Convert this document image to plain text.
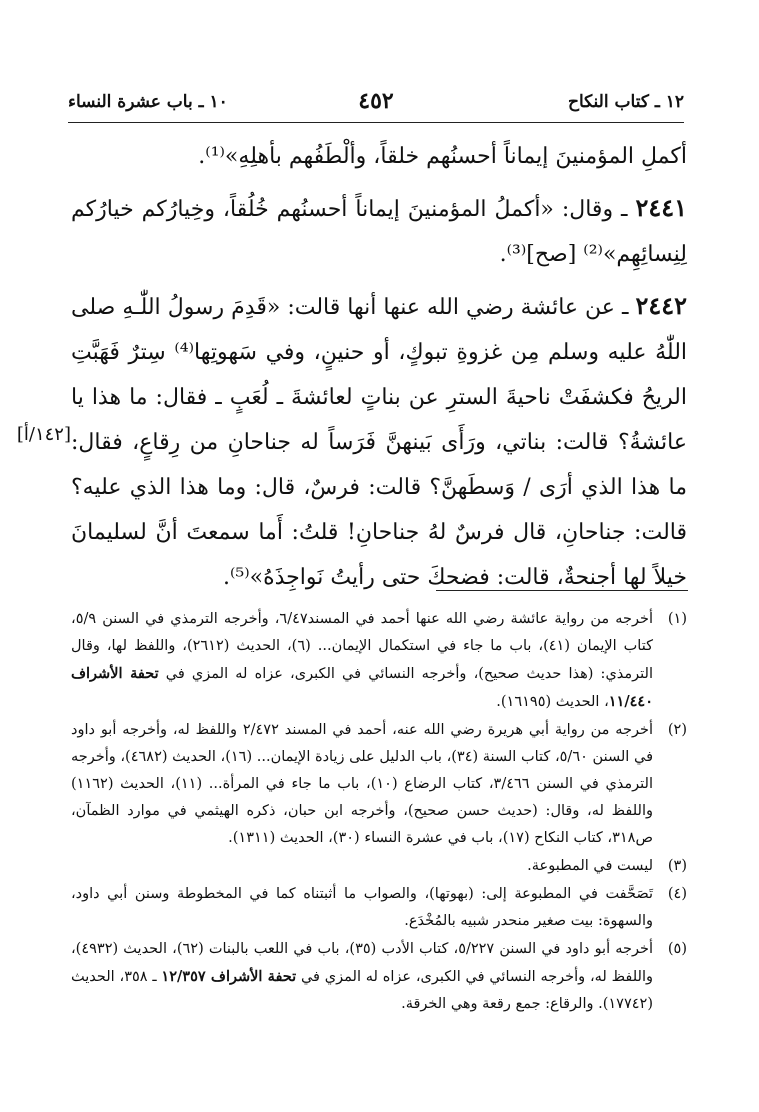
١٢ ـ كتاب النكاح
٤٥٢
١٠ ـ باب عشرة النساء

أكملِ المؤمنينَ إيماناً أحسنُهم خلقاً، وألْطَفُهم بأهلِهِ»⁽¹⁾.

٢٤٤١ ـ وقال: «أكملُ المؤمنينَ إيماناً أحسنُهم خُلُقاً، وخِيارُكم خيارُكم لِنِسائِهِم»⁽²⁾ [صح]⁽³⁾.

٢٤٤٢ ـ عن عائشة رضي الله عنها أنها قالت: «قَدِمَ رسولُ اللّٰـهِ صلى اللّٰهُ عليه وسلم مِن غزوةِ تبوكٍ، أو حنينٍ، وفي سَهوتِها⁽⁴⁾ سِترٌ فَهَبَّتِ الريحُ فكشفَتْ ناحيةَ السترِ عن بناتٍ لعائشةَ ـ لُعَبٍ ـ فقال: ما هذا يا عائشةُ؟ قالت: بناتي، ورَأَى بَينهنَّ فَرَساً له جناحانِ من رِقاعٍ، فقال: ما هذا الذي أرَى / وَسطَهنَّ؟ قالت: فرسٌ، قال: وما هذا الذي عليه؟ قالت: جناحانِ، قال فرسٌ لهُ جناحانِ! قلتُ: أَما سمعتَ أنَّ لسليمانَ خيلاً لها أجنحةٌ، قالت: فضحكَ حتى رأيتُ نَواجِذَهُ»⁽⁵⁾.

[١٤٢/أ]
(١)
أخرجه من رواية عائشة رضي الله عنها أحمد في المسند٦/٤٧، وأخرجه الترمذي في السنن ٥/٩، كتاب الإيمان (٤١)، باب ما جاء في استكمال الإيمان... (٦)، الحديث (٢٦١٢)، واللفظ لها، وقال الترمذي: (هذا حديث صحيح)، وأخرجه النسائي في الكبرى، عزاه له المزي في تحفة الأشراف ١١/٤٤٠، الحديث (١٦١٩٥).
(٢)
أخرجه من رواية أبي هريرة رضي الله عنه، أحمد في المسند ٢/٤٧٢ واللفظ له، وأخرجه أبو داود في السنن ٥/٦٠، كتاب السنة (٣٤)، باب الدليل على زيادة الإيمان... (١٦)، الحديث (٤٦٨٢)، وأخرجه الترمذي في السنن ٣/٤٦٦، كتاب الرضاع (١٠)، باب ما جاء في المرأة... (١١)، الحديث (١١٦٢) واللفظ له، وقال: (حديث حسن صحيح)، وأخرجه ابن حبان، ذكره الهيثمي في موارد الظمآن، ص٣١٨، كتاب النكاح (١٧)، باب في عشرة النساء (٣٠)، الحديث (١٣١١).
(٣)
ليست في المطبوعة.
(٤)
تَصَحَّفت في المطبوعة إلى: (بهوتها)، والصواب ما أثبتناه كما في المخطوطة وسنن أبي داود، والسهوة: بيت صغير منحدر شبيه بالمُخْدَع.
(٥)
أخرجه أبو داود في السنن ٥/٢٢٧، كتاب الأدب (٣٥)، باب في اللعب بالبنات (٦٢)، الحديث (٤٩٣٢)، واللفظ له، وأخرجه النسائي في الكبرى، عزاه له المزي في تحفة الأشراف ١٢/٣٥٧ ـ ٣٥٨، الحديث (١٧٧٤٢). والرقاع: جمع رقعة وهي الخرقة.
